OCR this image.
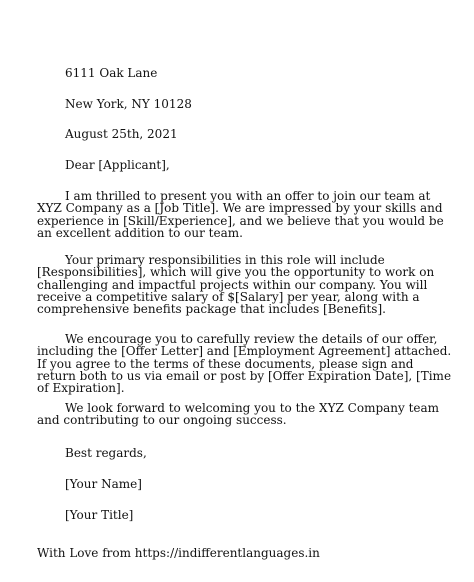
6111 Oak Lane
New York, NY 10128
August 25th, 2021
Dear [Applicant],

I am thrilled to present you with an offer to join our team at XYZ Company as a [Job Title]. We are impressed by your skills and experience in [Skill/Experience], and we believe that you would be an excellent addition to our team.

Your primary responsibilities in this role will include [Responsibilities], which will give you the opportunity to work on challenging and impactful projects within our company. You will receive a competitive salary of $[Salary] per year, along with a comprehensive benefits package that includes [Benefits].

We encourage you to carefully review the details of our offer, including the [Offer Letter] and [Employment Agreement] attached. If you agree to the terms of these documents, please sign and return both to us via email or post by [Offer Expiration Date], [Time of Expiration].

We look forward to welcoming you to the XYZ Company team and contributing to our ongoing success.

Best regards,
[Your Name]
[Your Title]
With Love from https://indifferentlanguages.in
